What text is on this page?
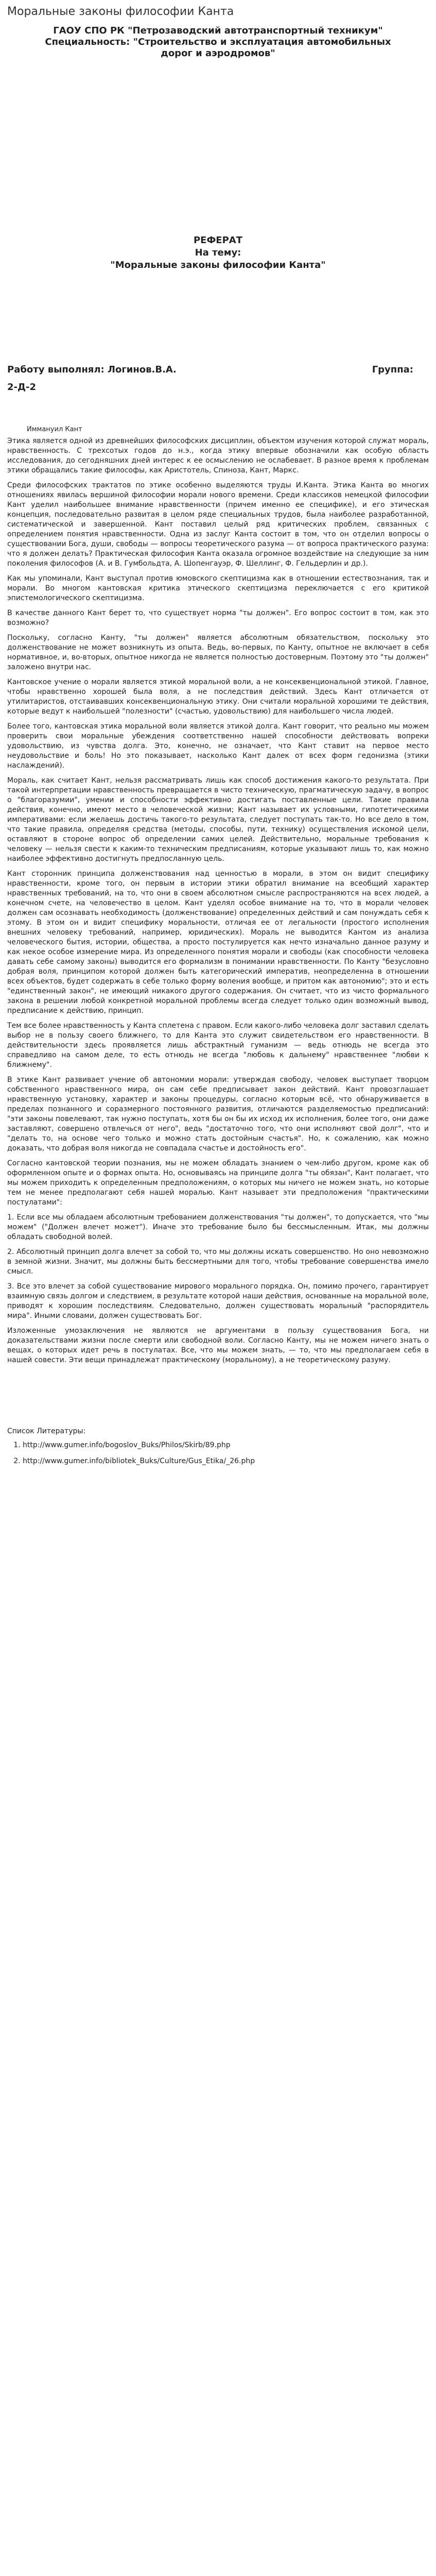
Моральные законы философии Канта
ГАОУ СПО РК "Петрозаводский автотранспортный техникум"
Специальность: "Строительство и эксплуатация автомобильных
дорог и аэродромов"
РЕФЕРАТ
На тему:
"Моральные законы философии Канта"
Работу выполнял: Логинов.В.А.	Группа:
2-Д-2
Иммануил Кант

Этика является одной из древнейших философских дисциплин, объектом изучения которой служат мораль, нравственность. С трехсотых годов до н.э., когда этику впервые обозначили как особую область исследования, до сегодняшних дней интерес к ее осмыслению не ослабевает. В разное время к проблемам этики обращались такие философы, как Аристотель, Спиноза, Кант, Маркс.

Среди философских трактатов по этике особенно выделяются труды И.Канта. Этика Канта во многих отношениях явилась вершиной философии морали нового времени. Среди классиков немецкой философии Кант уделил наибольшее внимание нравственности (причем именно ее специфике), и его этическая концепция, последовательно развитая в целом ряде специальных трудов, была наиболее разработанной, систематической и завершенной. Кант поставил целый ряд критических проблем, связанных с определением понятия нравственности. Одна из заслуг Канта состоит в том, что он отделил вопросы о существовании Бога, души, свободы — вопросы теоретического разума — от вопроса практического разума: что я должен делать? Практическая философия Канта оказала огромное воздействие на следующие за ним поколения философов (А. и В. Гумбольдта, А. Шопенгауэр, Ф. Шеллинг, Ф. Гельдерлин и др.).

Как мы упоминали, Кант выступал против юмовского скептицизма как в отношении естествознания, так и морали. Во многом кантовская критика этического скептицизма переключается с его критикой эпистемологического скептицизма.

В качестве данного Кант берет то, что существует норма "ты должен". Его вопрос состоит в том, как это возможно?

Поскольку, согласно Канту, "ты должен" является абсолютным обязательством, поскольку это долженствование не может возникнуть из опыта. Ведь, во-первых, по Канту, опытное не включает в себя нормативное, и, во-вторых, опытное никогда не является полностью достоверным. Поэтому это "ты должен" заложено внутри нас.

Кантовское учение о морали является этикой моральной воли, а не консеквенциональной этикой. Главное, чтобы нравственно хорошей была воля, а не последствия действий. Здесь Кант отличается от утилитаристов, отстаивавших консеквенциональную этику. Они считали моральной хорошими те действия, которые ведут к наибольшей "полезности" (счастью, удовольствию) для наибольшего числа людей.

Более того, кантовская этика моральной воли является этикой долга. Кант говорит, что реально мы можем проверить свои моральные убеждения соответственно нашей способности действовать вопреки удовольствию, из чувства долга. Это, конечно, не означает, что Кант ставит на первое место неудовольствие и боль! Но это показывает, насколько Кант далек от всех форм гедонизма (этики наслаждений).

Мораль, как считает Кант, нельзя рассматривать лишь как способ достижения какого-то результата. При такой интерпретации нравственность превращается в чисто техническую, прагматическую задачу, в вопрос о "благоразумии", умении и способности эффективно достигать поставленные цели. Такие правила действия, конечно, имеют место в человеческой жизни; Кант называет их условными, гипотетическими императивами: если желаешь достичь такого-то результата, следует поступать так-то. Но все дело в том, что такие правила, определяя средства (методы, способы, пути, технику) осуществления искомой цели, оставляют в стороне вопрос об определении самих целей. Действительно, моральные требования к человеку — нельзя свести к каким-то техническим предписаниям, которые указывают лишь то, как можно наиболее эффективно достигнуть предпосланную цель.

Кант сторонник принципа долженствования над ценностью в морали, в этом он видит специфику нравственности, кроме того, он первым в истории этики обратил внимание на всеобщий характер нравственных требований, на то, что они в своем абсолютном смысле распространяются на всех людей, а конечном счете, на человечество в целом. Кант уделял особое внимание на то, что в морали человек должен сам осознавать необходимость (долженствование) определенных действий и сам понуждать себя к этому. В этом он и видит специфику моральности, отличая ее от легальности (простого исполнения внешних человеку требований, например, юридических). Мораль не выводится Кантом из анализа человеческого бытия, истории, общества, а просто постулируется как нечто изначально данное разуму и как некое особое измерение мира. Из определенного понятия морали и свободы (как способности человека давать себе самому законы) выводится его формализм в понимании нравственности. По Канту "безусловно добрая воля, принципом которой должен быть категорический императив, неопределенна в отношении всех объектов, будет содержать в себе только форму воления вообще, и притом как автономию"; это и есть "единственный закон", не имеющий никакого другого содержания. Он считает, что из чисто формального закона в решении любой конкретной моральной проблемы всегда следует только один возможный вывод, предписание к действию, принцип.

Тем все более нравственность у Канта сплетена с правом. Если какого-либо человека долг заставил сделать выбор не в пользу своего ближнего, то для Канта это служит свидетельством его нравственности. В действительности здесь проявляется лишь абстрактный гуманизм — ведь отнюдь не всегда это справедливо на самом деле, то есть отнюдь не всегда "любовь к дальнему" нравственнее "любви к ближнему".

В этике Кант развивает учение об автономии морали: утверждая свободу, человек выступает творцом собственного нравственного мира, он сам себе предписывает закон действий. Кант провозглашает нравственную установку, характер и законы процедуры, согласно которым всё, что обнаруживается в пределах познанного и соразмерного постоянного развития, отличаются разделяемостью предписаний: "эти законы повелевают, так нужно поступать, хотя бы он бы их исход их исполнения, более того, они даже заставляют, совершено отвлечься от него", ведь "достаточно того, что они исполняют свой долг", что и "делать то, на основе чего только и можно стать достойным счастья". Но, к сожалению, как можно доказать, что добрая воля никогда не совпадала счастье и достойность его".

Согласно кантовской теории познания, мы не можем обладать знанием о чем-либо другом, кроме как об оформленном опыте и о формах опыта. Но, основываясь на принципе долга "ты обязан", Кант полагает, что мы можем приходить к определенным предположениям, о которых мы ничего не можем знать, но которые тем не менее предполагают себя нашей моралью. Кант называет эти предположения "практическими постулатами":

1. Если все мы обладаем абсолютным требованием долженствования "ты должен", то допускается, что "мы можем" ("Должен влечет может"). Иначе это требование было бы бессмысленным. Итак, мы должны обладать свободной волей.
2. Абсолютный принцип долга влечет за собой то, что мы должны искать совершенство. Но оно невозможно в земной жизни. Значит, мы должны быть бессмертными для того, чтобы требование совершенства имело смысл.
3. Все это влечет за собой существование мирового морального порядка. Он, помимо прочего, гарантирует взаимную связь долгом и следствием, в результате которой наши действия, основанные на моральной воле, приводят к хорошим последствиям. Следовательно, должен существовать моральный "распорядитель мира". Иными словами, должен существовать Бог.

Изложенные умозаключения не являются не аргументами в пользу существования Бога, ни доказательствами жизни после смерти или свободной воли. Согласно Канту, мы не можем ничего знать о вещах, о которых идет речь в постулатах. Все, что мы можем знать, — то, что мы предполагаем себя в нашей совести. Эти вещи принадлежат практическому (моральному), а не теоретическому разуму.

Список Литературы:
1. http://www.gumer.info/bogoslov_Buks/Philos/Skirb/89.php
2. http://www.gumer.info/bibliotek_Buks/Culture/Gus_Etika/_26.php
